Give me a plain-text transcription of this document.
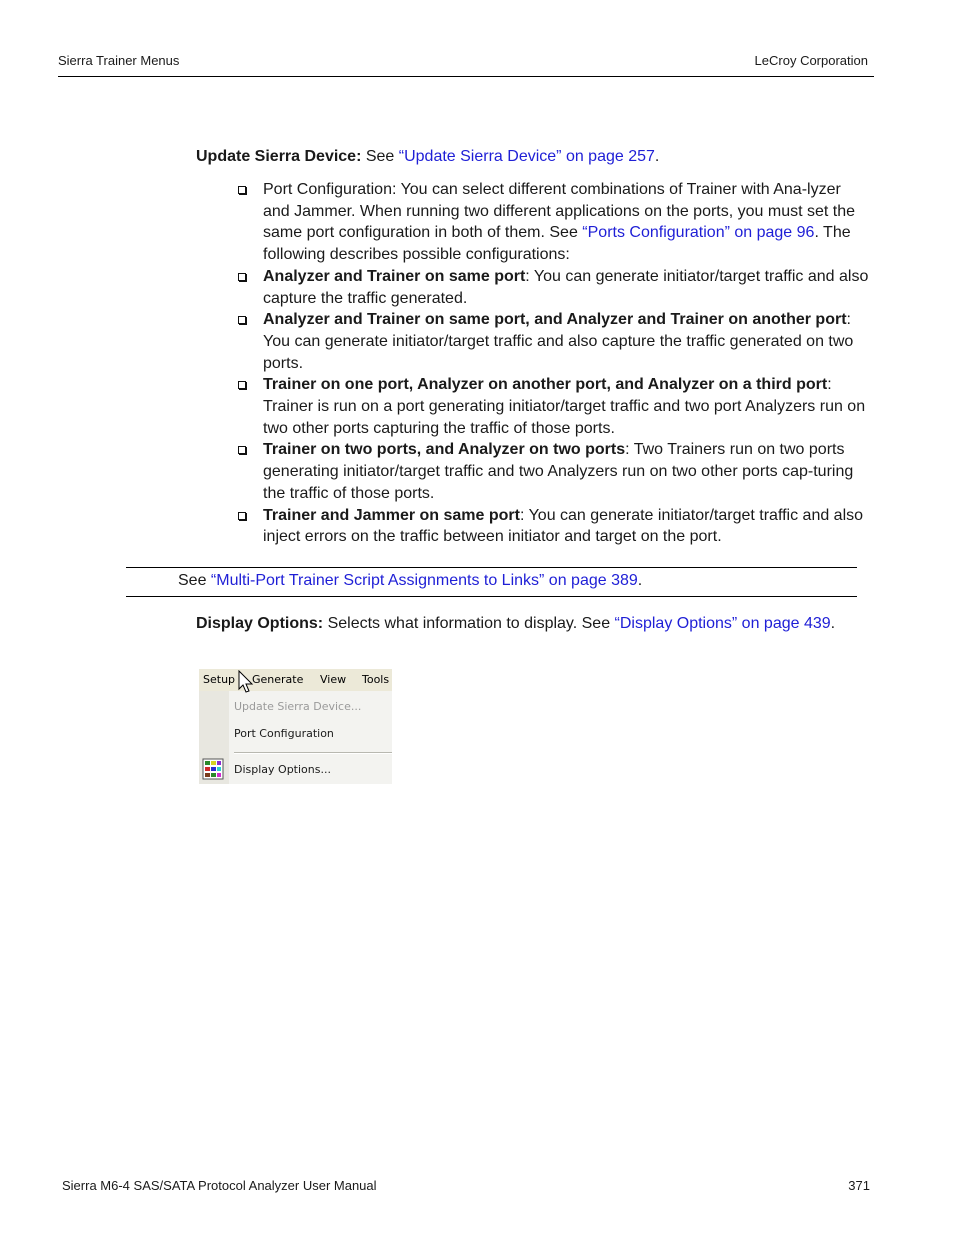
Sierra Trainer Menus	LeCroy Corporation
Update Sierra Device: See “Update Sierra Device” on page 257.
Port Configuration: You can select different combinations of Trainer with Ana-lyzer and Jammer. When running two different applications on the ports, you must set the same port configuration in both of them. See “Ports Configuration” on page 96. The following describes possible configurations:
Analyzer and Trainer on same port: You can generate initiator/target traffic and also capture the traffic generated.
Analyzer and Trainer on same port, and Analyzer and Trainer on another port: You can generate initiator/target traffic and also capture the traffic generated on two ports.
Trainer on one port, Analyzer on another port, and Analyzer on a third port: Trainer is run on a port generating initiator/target traffic and two port Analyzers run on two other ports capturing the traffic of those ports.
Trainer on two ports, and Analyzer on two ports: Two Trainers run on two ports generating initiator/target traffic and two Analyzers run on two other ports cap-turing the traffic of those ports.
Trainer and Jammer on same port: You can generate initiator/target traffic and also inject errors on the traffic between initiator and target on the port.
See “Multi-Port Trainer Script Assignments to Links” on page 389.
Display Options: Selects what information to display. See “Display Options” on page 439.
Setup Generate View Tools
Update Sierra Device...
Port Configuration
Display Options...
Sierra M6-4 SAS/SATA Protocol Analyzer User Manual	371
